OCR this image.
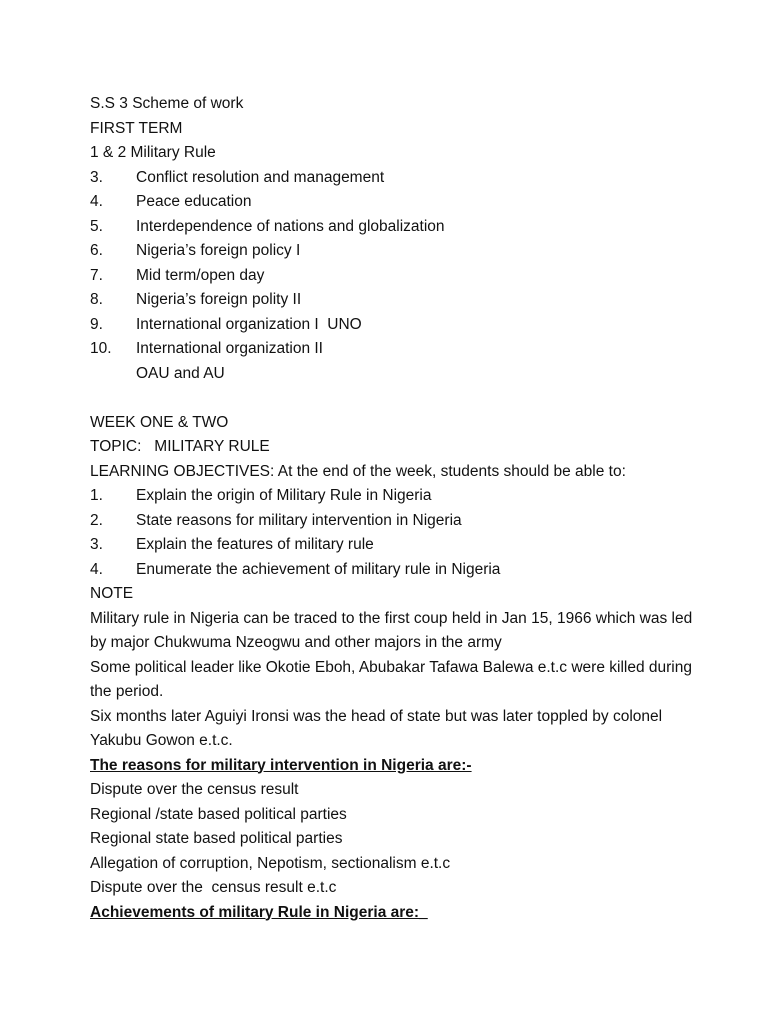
S.S 3 Scheme of work
FIRST TERM
1 & 2 Military Rule
3. Conflict resolution and management
4. Peace education
5. Interdependence of nations and globalization
6. Nigeria’s foreign policy I
7. Mid term/open day
8. Nigeria’s foreign polity II
9. International organization I  UNO
10. International organization II
OAU and AU
WEEK ONE & TWO
TOPIC:   MILITARY RULE
LEARNING OBJECTIVES: At the end of the week, students should be able to:
1. Explain the origin of Military Rule in Nigeria
2. State reasons for military intervention in Nigeria
3. Explain the features of military rule
4. Enumerate the achievement of military rule in Nigeria
NOTE
Military rule in Nigeria can be traced to the first coup held in Jan 15, 1966 which was led by major Chukwuma Nzeogwu and other majors in the army
Some political leader like Okotie Eboh, Abubakar Tafawa Balewa e.t.c were killed during the period.
Six months later Aguiyi Ironsi was the head of state but was later toppled by colonel Yakubu Gowon e.t.c.
The reasons for military intervention in Nigeria are:-
Dispute over the census result
Regional /state based political parties
Regional state based political parties
Allegation of corruption, Nepotism, sectionalism e.t.c
Dispute over the  census result e.t.c
Achievements of military Rule in Nigeria are:_
